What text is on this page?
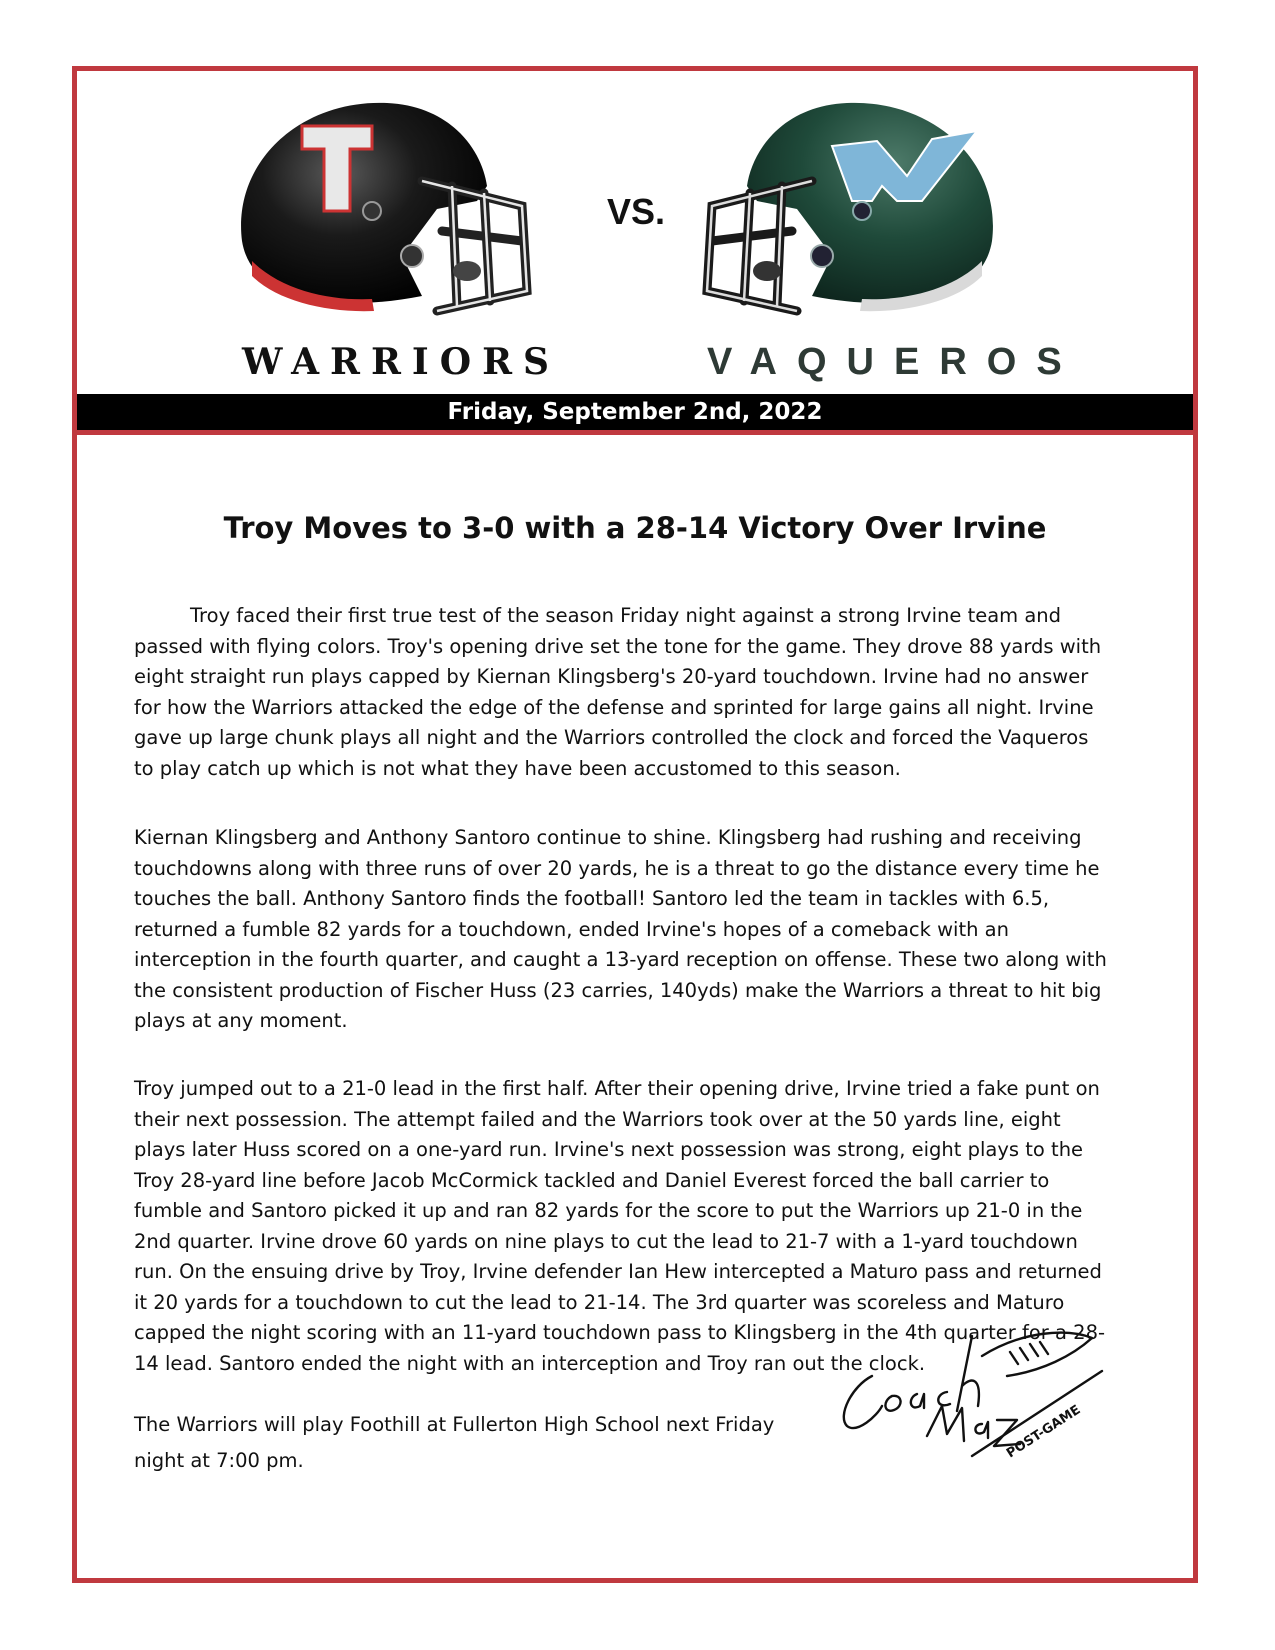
VS.
WARRIORS	VAQUEROS
Friday, September 2nd, 2022
Troy Moves to 3-0 with a 28-14 Victory Over Irvine

Troy faced their first true test of the season Friday night against a strong Irvine team and passed with flying colors. Troy's opening drive set the tone for the game. They drove 88 yards with eight straight run plays capped by Kiernan Klingsberg's 20-yard touchdown. Irvine had no answer for how the Warriors attacked the edge of the defense and sprinted for large gains all night. Irvine gave up large chunk plays all night and the Warriors controlled the clock and forced the Vaqueros to play catch up which is not what they have been accustomed to this season.

Kiernan Klingsberg and Anthony Santoro continue to shine. Klingsberg had rushing and receiving touchdowns along with three runs of over 20 yards, he is a threat to go the distance every time he touches the ball. Anthony Santoro finds the football! Santoro led the team in tackles with 6.5, returned a fumble 82 yards for a touchdown, ended Irvine's hopes of a comeback with an interception in the fourth quarter, and caught a 13-yard reception on offense. These two along with the consistent production of Fischer Huss (23 carries, 140yds) make the Warriors a threat to hit big plays at any moment.

Troy jumped out to a 21-0 lead in the first half. After their opening drive, Irvine tried a fake punt on their next possession. The attempt failed and the Warriors took over at the 50 yards line, eight plays later Huss scored on a one-yard run. Irvine's next possession was strong, eight plays to the Troy 28-yard line before Jacob McCormick tackled and Daniel Everest forced the ball carrier to fumble and Santoro picked it up and ran 82 yards for the score to put the Warriors up 21-0 in the 2nd quarter. Irvine drove 60 yards on nine plays to cut the lead to 21-7 with a 1-yard touchdown run. On the ensuing drive by Troy, Irvine defender Ian Hew intercepted a Maturo pass and returned it 20 yards for a touchdown to cut the lead to 21-14. The 3rd quarter was scoreless and Maturo capped the night scoring with an 11-yard touchdown pass to Klingsberg in the 4th quarter for a 28-14 lead. Santoro ended the night with an interception and Troy ran out the clock.

The Warriors will play Foothill at Fullerton High School next Friday night at 7:00 pm.	POST-GAME
